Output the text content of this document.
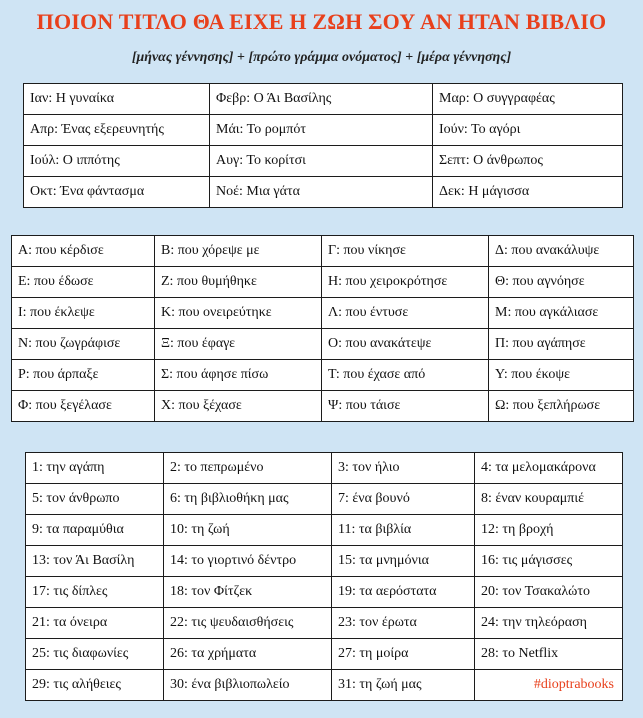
ΠΟΙΟΝ ΤΙΤΛΟ ΘΑ ΕΙΧΕ Η ΖΩΗ ΣΟΥ ΑΝ ΗΤΑΝ ΒΙΒΛΙΟ
[μήνας γέννησης] + [πρώτο γράμμα ονόματος] + [μέρα γέννησης]
Ιαν: Η γυναίκα	Φεβρ: Ο Άι Βασίλης	Μαρ: Ο συγγραφέας
Απρ: Ένας εξερευνητής	Μάι: Το ρομπότ	Ιούν: Το αγόρι
Ιούλ: Ο ιππότης	Αυγ: Το κορίτσι	Σεπτ: Ο άνθρωπος
Οκτ: Ένα φάντασμα	Νοέ: Μια γάτα	Δεκ: Η μάγισσα
Α: που κέρδισε	Β: που χόρεψε με	Γ: που νίκησε	Δ: που ανακάλυψε
Ε: που έδωσε	Ζ: που θυμήθηκε	Η: που χειροκρότησε	Θ: που αγνόησε
Ι: που έκλεψε	Κ: που ονειρεύτηκε	Λ: που έντυσε	Μ: που αγκάλιασε
Ν: που ζωγράφισε	Ξ: που έφαγε	Ο: που ανακάτεψε	Π: που αγάπησε
Ρ: που άρπαξε	Σ: που άφησε πίσω	Τ: που έχασε από	Υ: που έκοψε
Φ: που ξεγέλασε	Χ: που ξέχασε	Ψ: που τάισε	Ω: που ξεπλήρωσε
1: την αγάπη	2: το πεπρωμένο	3: τον ήλιο	4: τα μελομακάρονα
5: τον άνθρωπο	6: τη βιβλιοθήκη μας	7: ένα βουνό	8: έναν κουραμπιέ
9: τα παραμύθια	10: τη ζωή	11: τα βιβλία	12: τη βροχή
13: τον Άι Βασίλη	14: το γιορτινό δέντρο	15: τα μνημόνια	16: τις μάγισσες
17: τις δίπλες	18: τον Φίτζεκ	19: τα αερόστατα	20: τον Τσακαλώτο
21: τα όνειρα	22: τις ψευδαισθήσεις	23: τον έρωτα	24: την τηλεόραση
25: τις διαφωνίες	26: τα χρήματα	27: τη μοίρα	28: το Netflix
29: τις αλήθειες	30: ένα βιβλιοπωλείο	31: τη ζωή μας	#dioptrabooks
